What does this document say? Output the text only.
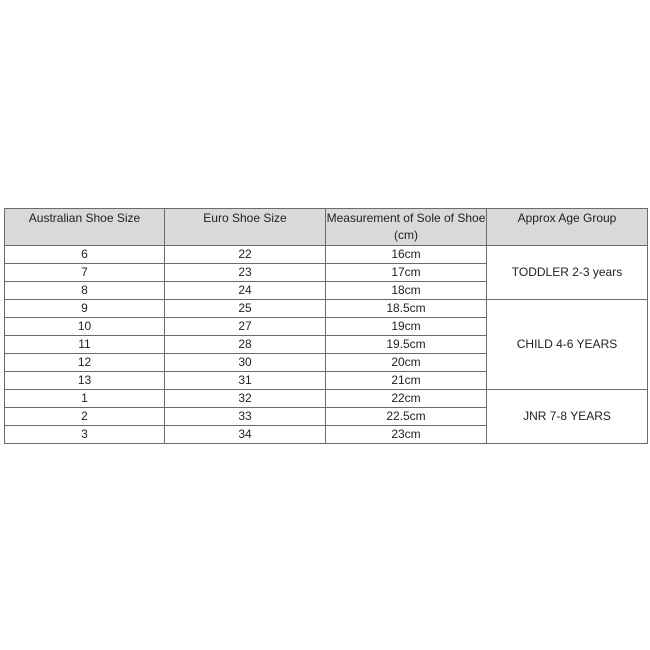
Australian Shoe Size	Euro Shoe Size	Measurement of Sole of Shoe (cm)	Approx Age Group
6	22	16cm	TODDLER 2-3 years
7	23	17cm	
8	24	18cm	
9	25	18.5cm	CHILD 4-6 YEARS
10	27	19cm	
11	28	19.5cm	
12	30	20cm	
13	31	21cm	
1	32	22cm	JNR 7-8 YEARS
2	33	22.5cm	
3	34	23cm	
